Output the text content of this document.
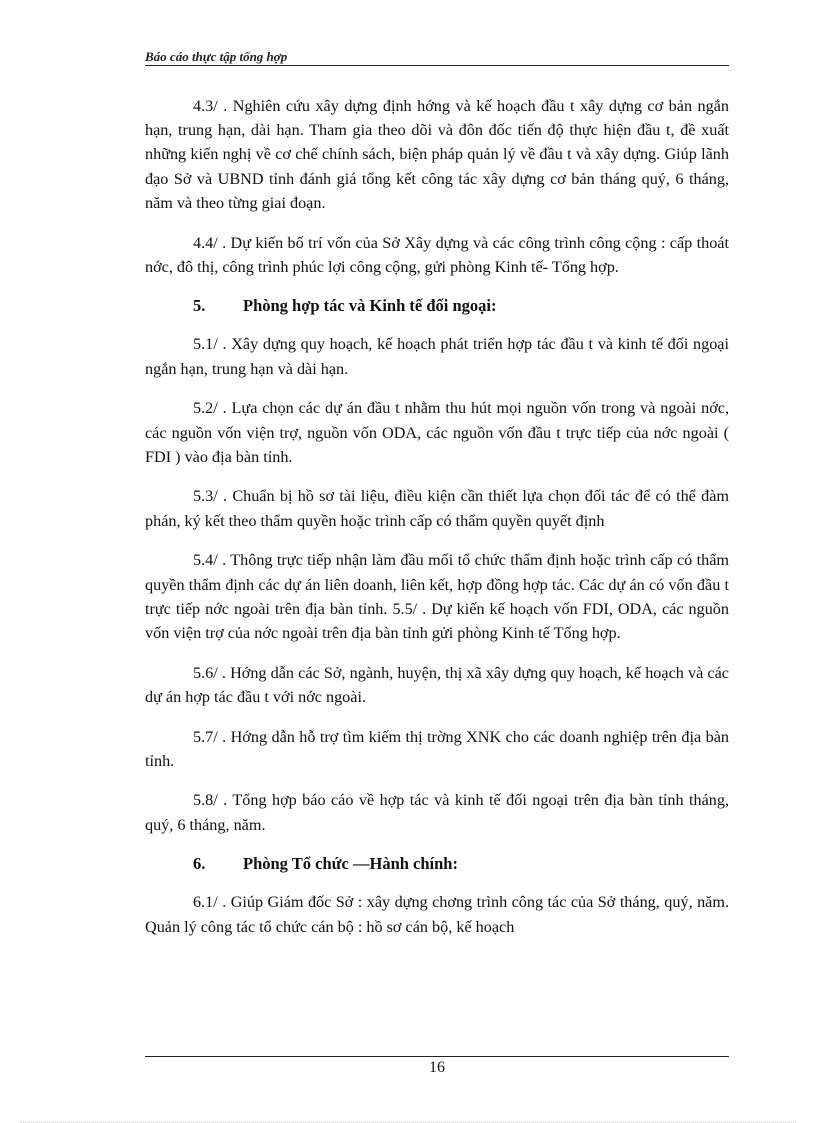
Báo cáo thực tập tổng hợp

4.3/ . Nghiên cứu xây dựng định hớng và kế hoạch đầu t xây dựng cơ bản ngắn hạn, trung hạn, dài hạn. Tham gia theo dõi và đôn đốc tiến độ thực hiện đầu t, đề xuất những kiến nghị về cơ chế chính sách, biện pháp quản lý về đầu t và xây dựng. Giúp lãnh đạo Sở và UBND tỉnh đánh giá tổng kết công tác xây dựng cơ bản tháng quý, 6 tháng, năm và theo từng giai đoạn.

4.4/ . Dự kiến bố trí vốn của Sở Xây dựng và các công trình công cộng : cấp thoát nớc, đô thị, công trình phúc lợi công cộng, gửi phòng Kinh tế- Tổng hợp.

5.	Phòng hợp tác và Kinh tế đối ngoại:

5.1/ . Xây dựng quy hoạch, kế hoạch phát triển hợp tác đầu t và kinh tế đối ngoại ngắn hạn, trung hạn và dài hạn.

5.2/ . Lựa chọn các dự án đầu t nhằm thu hút mọi nguồn vốn trong và ngoài nớc, các nguồn vốn viện trợ, nguồn vốn ODA, các nguồn vốn đầu t trực tiếp của nớc ngoài ( FDI ) vào địa bàn tỉnh.

5.3/ . Chuẩn bị hồ sơ tài liệu, điều kiện cần thiết lựa chọn đối tác để có thể đàm phán, ký kết theo thẩm quyền hoặc trình cấp có thẩm quyền quyết định

5.4/ . Thông trực tiếp nhận làm đầu mối tổ chức thẩm định hoặc trình cấp có thẩm quyền thẩm định các dự án liên doanh, liên kết, hợp đồng hợp tác. Các dự án có vốn đầu t trực tiếp nớc ngoài trên địa bàn tỉnh. 5.5/ . Dự kiến kế hoạch vốn FDI, ODA, các nguồn vốn viện trợ của nớc ngoài trên địa bàn tỉnh gửi phòng Kinh tế Tổng hợp.

5.6/ . Hớng dẫn các Sở, ngành, huyện, thị xã xây dựng quy hoạch, kế hoạch và các dự án hợp tác đầu t với nớc ngoài.

5.7/ . Hớng dẫn hỗ trợ tìm kiếm thị trờng XNK cho các doanh nghiệp trên địa bàn tỉnh.

5.8/ . Tổng hợp báo cáo về hợp tác và kinh tế đối ngoại trên địa bàn tỉnh tháng, quý, 6 tháng, năm.

6.	Phòng Tổ chức —Hành chính:

6.1/ . Giúp Giám đốc Sở : xây dựng chơng trình công tác của Sở tháng, quý, năm. Quản lý công tác tổ chức cán bộ : hồ sơ cán bộ, kế hoạch

16
